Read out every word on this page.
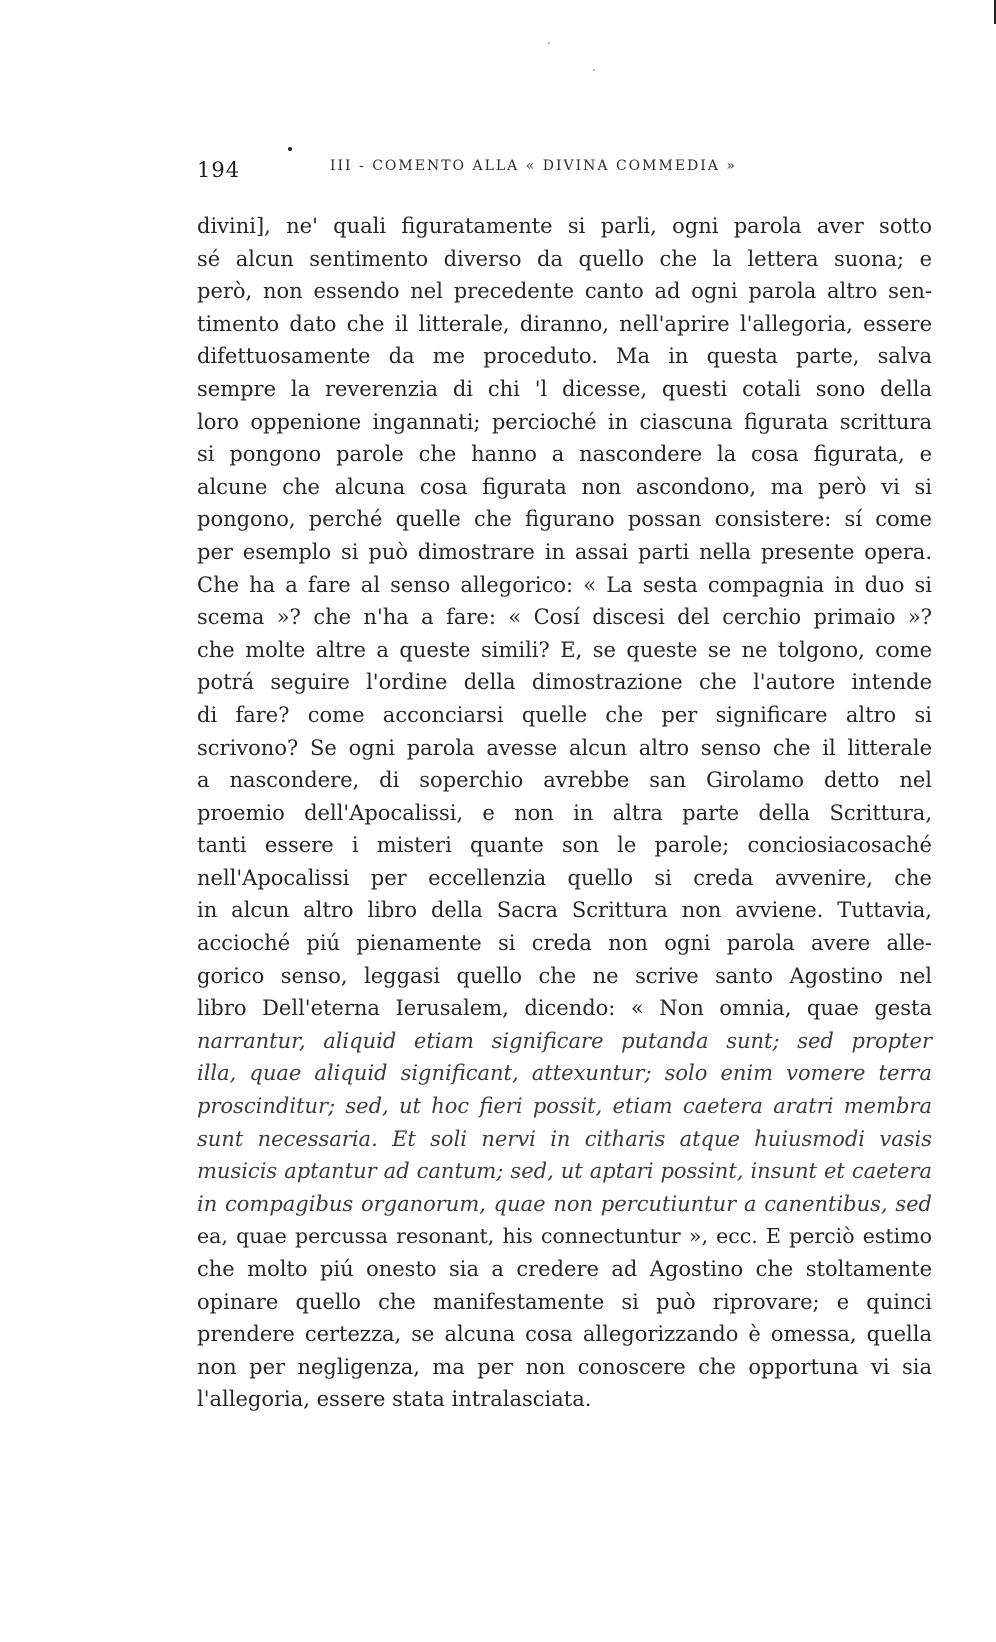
194	III - COMENTO ALLA « DIVINA COMMEDIA »
divini], ne' quali figuratamente si parli, ogni parola aver sotto
sé alcun sentimento diverso da quello che la lettera suona; e
però, non essendo nel precedente canto ad ogni parola altro sen-
timento dato che il litterale, diranno, nell'aprire l'allegoria, essere
difettuosamente da me proceduto. Ma in questa parte, salva
sempre la reverenzia di chi 'l dicesse, questi cotali sono della
loro oppenione ingannati; percioché in ciascuna figurata scrittura
si pongono parole che hanno a nascondere la cosa figurata, e
alcune che alcuna cosa figurata non ascondono, ma però vi si
pongono, perché quelle che figurano possan consistere: sí come
per esemplo si può dimostrare in assai parti nella presente opera.
Che ha a fare al senso allegorico: « La sesta compagnia in duo si
scema »? che n'ha a fare: « Cosí discesi del cerchio primaio »?
che molte altre a queste simili? E, se queste se ne tolgono, come
potrá seguire l'ordine della dimostrazione che l'autore intende
di fare? come acconciarsi quelle che per significare altro si
scrivono? Se ogni parola avesse alcun altro senso che il litterale
a nascondere, di soperchio avrebbe san Girolamo detto nel
proemio dell'Apocalissi, e non in altra parte della Scrittura,
tanti essere i misteri quante son le parole; conciosiacosaché
nell'Apocalissi per eccellenzia quello si creda avvenire, che
in alcun altro libro della Sacra Scrittura non avviene. Tuttavia,
accioché piú pienamente si creda non ogni parola avere alle-
gorico senso, leggasi quello che ne scrive santo Agostino nel
libro Dell'eterna Ierusalem, dicendo: « Non omnia, quae gesta
narrantur, aliquid etiam significare putanda sunt; sed propter
illa, quae aliquid significant, attexuntur; solo enim vomere terra
proscinditur; sed, ut hoc fieri possit, etiam caetera aratri membra
sunt necessaria. Et soli nervi in citharis atque huiusmodi vasis
musicis aptantur ad cantum; sed, ut aptari possint, insunt et caetera
in compagibus organorum, quae non percutiuntur a canentibus, sed
ea, quae percussa resonant, his connectuntur », ecc. E perciò estimo
che molto piú onesto sia a credere ad Agostino che stoltamente
opinare quello che manifestamente si può riprovare; e quinci
prendere certezza, se alcuna cosa allegorizzando è omessa, quella
non per negligenza, ma per non conoscere che opportuna vi sia
l'allegoria, essere stata intralasciata.
